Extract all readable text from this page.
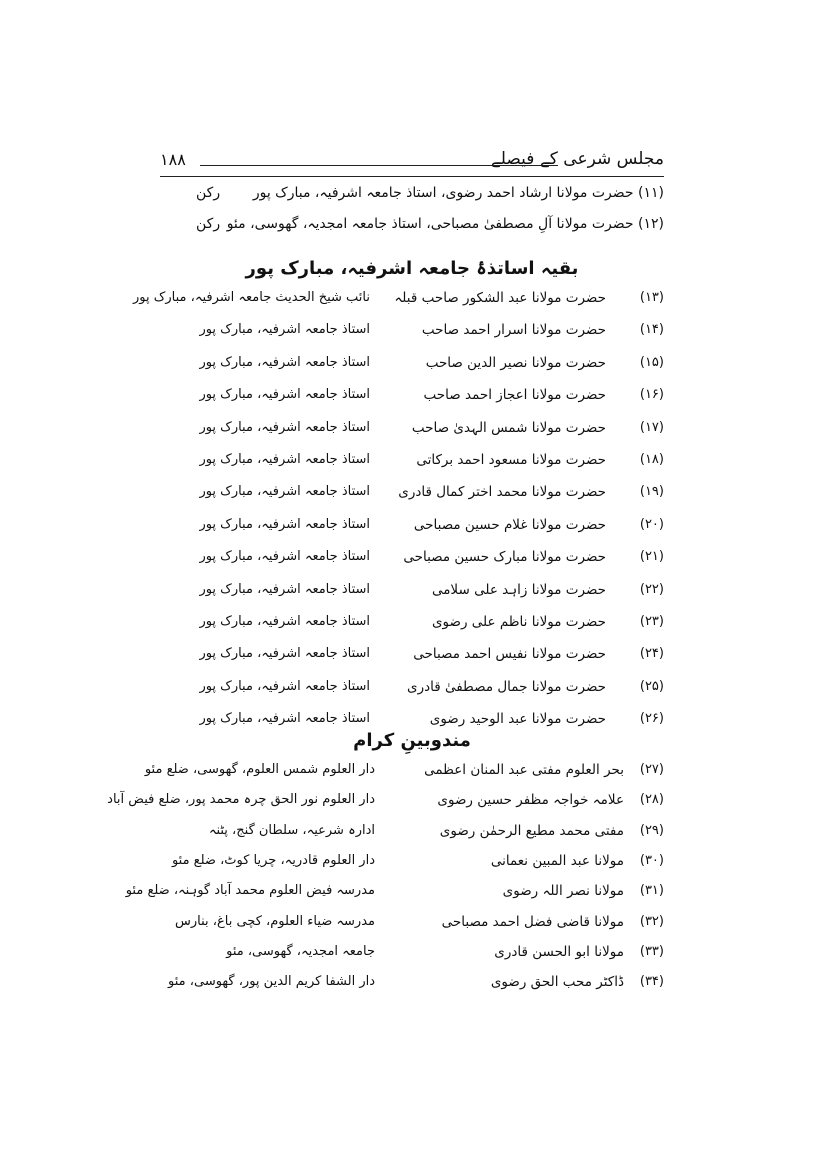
مجلس شرعی کے فیصلے
۱۸۸
(۱۱) حضرت مولانا ارشاد احمد رضوی، استاذ جامعہ اشرفیہ، مبارک پور
رکن
(۱۲) حضرت مولانا آلِ مصطفیٰ مصباحی، استاذ جامعہ امجدیہ، گھوسی، مئو
رکن
بقیہ اساتذۂ جامعہ اشرفیہ، مبارک پور
(۱۳)
حضرت مولانا عبد الشکور صاحب قبلہ
نائب شیخ الحدیث جامعہ اشرفیہ، مبارک پور
(۱۴)
حضرت مولانا اسرار احمد صاحب
استاذ جامعہ اشرفیہ، مبارک پور
(۱۵)
حضرت مولانا نصیر الدین صاحب
استاذ جامعہ اشرفیہ، مبارک پور
(۱۶)
حضرت مولانا اعجاز احمد صاحب
استاذ جامعہ اشرفیہ، مبارک پور
(۱۷)
حضرت مولانا شمس الہدیٰ صاحب
استاذ جامعہ اشرفیہ، مبارک پور
(۱۸)
حضرت مولانا مسعود احمد برکاتی
استاذ جامعہ اشرفیہ، مبارک پور
(۱۹)
حضرت مولانا محمد اختر کمال قادری
استاذ جامعہ اشرفیہ، مبارک پور
(۲۰)
حضرت مولانا غلام حسین مصباحی
استاذ جامعہ اشرفیہ، مبارک پور
(۲۱)
حضرت مولانا مبارک حسین مصباحی
استاذ جامعہ اشرفیہ، مبارک پور
(۲۲)
حضرت مولانا زاہد علی سلامی
استاذ جامعہ اشرفیہ، مبارک پور
(۲۳)
حضرت مولانا ناظم علی رضوی
استاذ جامعہ اشرفیہ، مبارک پور
(۲۴)
حضرت مولانا نفیس احمد مصباحی
استاذ جامعہ اشرفیہ، مبارک پور
(۲۵)
حضرت مولانا جمال مصطفیٰ قادری
استاذ جامعہ اشرفیہ، مبارک پور
(۲۶)
حضرت مولانا عبد الوحید رضوی
استاذ جامعہ اشرفیہ، مبارک پور
مندوبینِ کرام
(۲۷)
بحر العلوم مفتی عبد المنان اعظمی
دار العلوم شمس العلوم، گھوسی، ضلع مئو
(۲۸)
علامہ خواجہ مظفر حسین رضوی
دار العلوم نور الحق چرہ محمد پور، ضلع فیض آباد
(۲۹)
مفتی محمد مطیع الرحمٰن رضوی
ادارہ شرعیہ، سلطان گنج، پٹنہ
(۳۰)
مولانا عبد المبین نعمانی
دار العلوم قادریہ، چریا کوٹ، ضلع مئو
(۳۱)
مولانا نصر اللہ رضوی
مدرسہ فیض العلوم محمد آباد گوہنہ، ضلع مئو
(۳۲)
مولانا قاضی فضل احمد مصباحی
مدرسہ ضیاء العلوم، کچی باغ، بنارس
(۳۳)
مولانا ابو الحسن قادری
جامعہ امجدیہ، گھوسی، مئو
(۳۴)
ڈاکٹر محب الحق رضوی
دار الشفا کریم الدین پور، گھوسی، مئو
